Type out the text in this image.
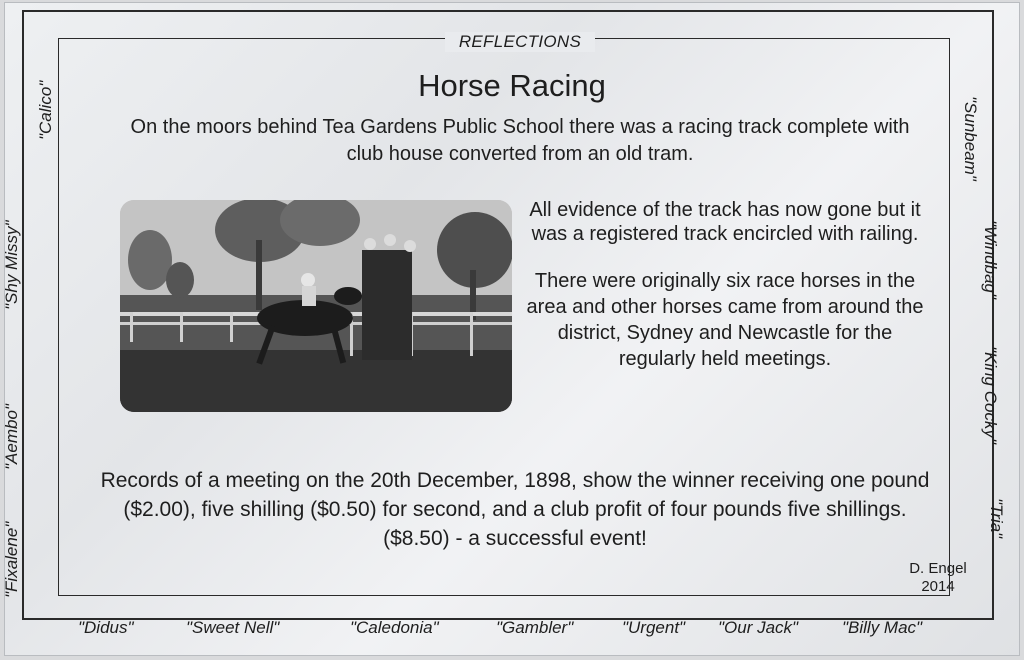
REFLECTIONS
Horse Racing
On the moors behind Tea Gardens Public School there was a racing track complete with club house converted from an old tram.

All evidence of the track has now gone but it was a registered track encircled with railing.

There were originally six race horses in the area and other horses came from around the district, Sydney and Newcastle for the regularly held meetings.

Records of a meeting on the 20th December, 1898, show the winner receiving one pound ($2.00), five shilling ($0.50) for second, and a club profit of four pounds five shillings.

($8.50) - a successful event!

D. Engel
2014
"Fixalene"
"Aembo"
"Shy Missy"
"Calico"	"Sunbeam"
"Windbag"
"King Cocky"
"Tria"
"Didus"	"Sweet Nell"	"Caledonia"	"Gambler"	"Urgent" "Our Jack"	"Billy Mac"
